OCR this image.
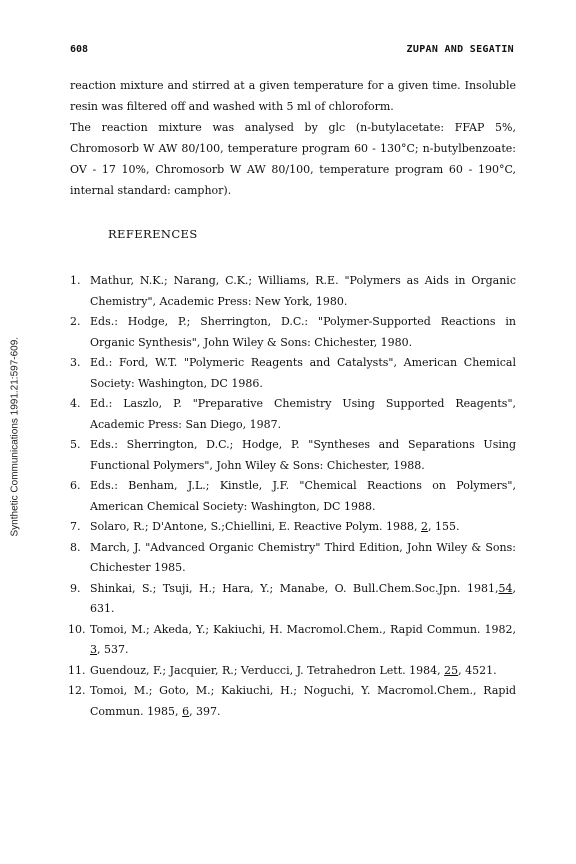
Synthetic Communications 1991.21:597-609.
608	ZUPAN AND SEGATIN

reaction mixture and stirred at a given temperature for a given time. Insoluble resin was filtered off and washed with 5 ml of chloroform.

The reaction mixture was analysed by glc (n-butylacetate: FFAP 5%, Chromosorb W AW 80/100, temperature program 60 - 130°C; n-butylbenzoate: OV - 17 10%, Chromosorb W AW 80/100, temperature program 60 - 190°C, internal standard: camphor).

REFERENCES
1. Mathur, N.K.; Narang, C.K.; Williams, R.E. "Polymers as Aids in Organic Chemistry", Academic Press: New York, 1980.
2. Eds.: Hodge, P.; Sherrington, D.C.: "Polymer-Supported Reactions in Organic Synthesis", John Wiley & Sons: Chichester, 1980.
3. Ed.: Ford, W.T. "Polymeric Reagents and Catalysts", American Chemical Society: Washington, DC 1986.
4. Ed.: Laszlo, P. "Preparative Chemistry Using Supported Reagents", Academic Press: San Diego, 1987.
5. Eds.: Sherrington, D.C.; Hodge, P. "Syntheses and Separations Using Functional Polymers", John Wiley & Sons: Chichester, 1988.
6. Eds.: Benham, J.L.; Kinstle, J.F. "Chemical Reactions on Polymers", American Chemical Society: Washington, DC 1988.
7. Solaro, R.; D'Antone, S.;Chiellini, E. Reactive Polym. 1988, 2, 155.
8. March, J. "Advanced Organic Chemistry" Third Edition, John Wiley & Sons: Chichester 1985.
9. Shinkai, S.; Tsuji, H.; Hara, Y.; Manabe, O. Bull.Chem.Soc.Jpn. 1981,54, 631.
10. Tomoi, M.; Akeda, Y.; Kakiuchi, H. Macromol.Chem., Rapid Commun. 1982, 3, 537.
11. Guendouz, F.; Jacquier, R.; Verducci, J. Tetrahedron Lett. 1984, 25, 4521.
12. Tomoi, M.; Goto, M.; Kakiuchi, H.; Noguchi, Y. Macromol.Chem., Rapid Commun. 1985, 6, 397.
